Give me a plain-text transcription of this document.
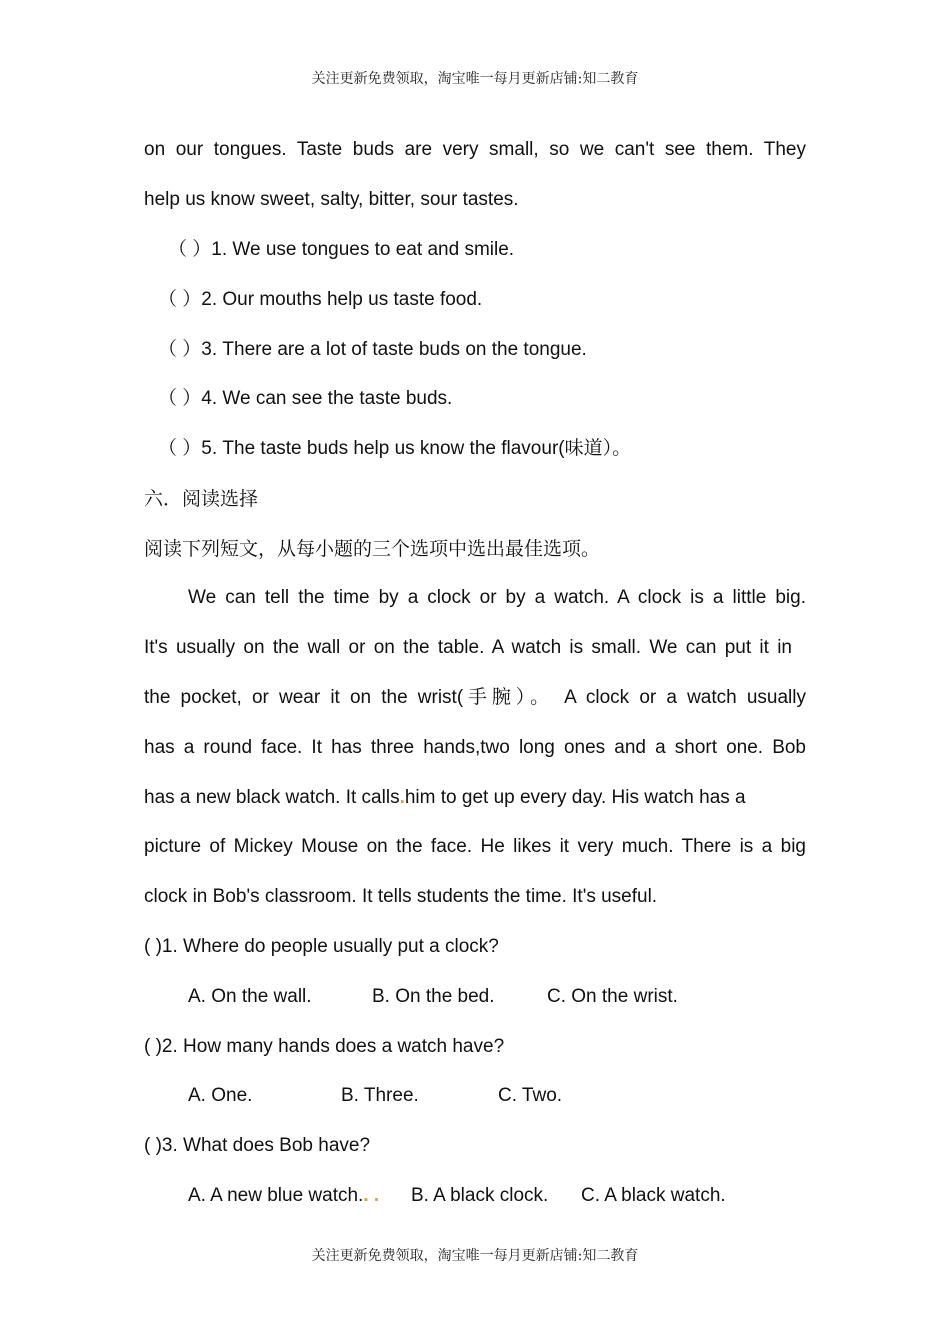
关注更新免费领取，淘宝唯一每月更新店铺:知二教育
on our tongues. Taste buds are very small, so we can't see them. They
help us know sweet, salty, bitter, sour tastes.
（ ）1. We use tongues to eat and smile.
（ ）2. Our mouths help us taste food.
（ ）3. There are a lot of taste buds on the tongue.
（ ）4. We can see the taste buds.
（ ）5. The taste buds help us know the flavour(味道）。
六．阅读选择
阅读下列短文，从每小题的三个选项中选出最佳选项。
We can tell the time by a clock or by a watch. A clock is a little big.
It's usually on the wall or on the table. A watch is small. We can put it in
the pocket, or wear it on the wrist(手腕）。 A clock or a watch usually
has a round face. It has three hands,two long ones and a short one. Bob
has a new black watch. It calls.him to get up every day. His watch has a
picture of Mickey Mouse on the face. He likes it very much. There is a big
clock in Bob's classroom. It tells students the time. It's useful.
( )1. Where do people usually put a clock?
A. On the wall.	B. On the bed.	C. On the wrist.
( )2. How many hands does a watch have?
A. One.	B. Three.	C. Two.
( )3. What does Bob have?
A. A new blue watch.. . B. A black clock. C. A black watch.
关注更新免费领取，淘宝唯一每月更新店铺:知二教育
